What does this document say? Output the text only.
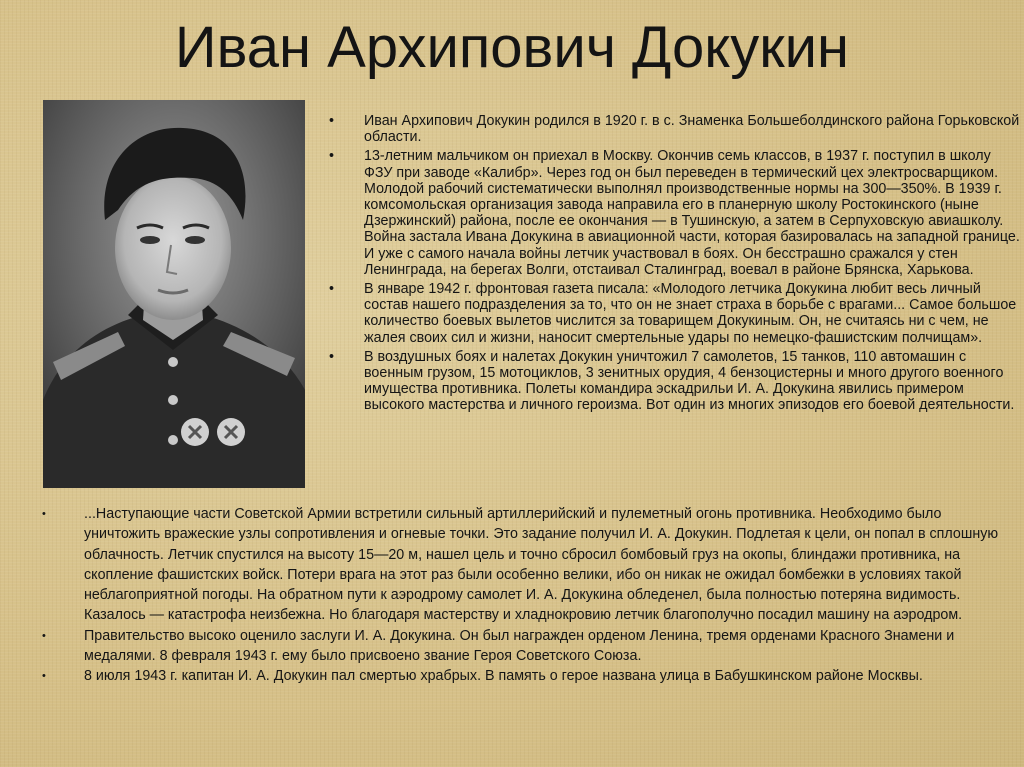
Иван Архипович Докукин
• Иван Архипович Докукин родился в 1920 г. в с. Знаменка Большеболдинского района Горьковской области.
• 13-летним мальчиком он приехал в Москву. Окончив семь классов, в 1937 г. поступил в школу ФЗУ при заводе «Калибр». Через год он был переведен в термический цех электросварщиком. Молодой рабочий систематически выполнял производственные нормы на 300—350%. В 1939 г. комсомольская организация завода направила его в планерную школу Ростокинского (ныне Дзержинский) района, после ее окончания — в Тушинскую, а затем в Серпуховскую авиашколу. Война застала Ивана Докукина в авиационной части, которая базировалась на западной границе. И уже с самого начала войны летчик участвовал в боях. Он бесстрашно сражался у стен Ленинграда, на берегах Волги, отстаивал Сталинград, воевал в районе Брянска, Харькова.
• В январе 1942 г. фронтовая газета писала: «Молодого летчика Докукина любит весь личный состав нашего подразделения за то, что он не знает страха в борьбе с врагами... Самое большое количество боевых вылетов числится за товарищем Докукиным. Он, не считаясь ни с чем, не жалея своих сил и жизни, наносит смертельные удары по немецко-фашистским полчищам».
• В воздушных боях и налетах Докукин уничтожил 7 самолетов, 15 танков, 110 автомашин с военным грузом, 15 мотоциклов, 3 зенитных орудия, 4 бензоцистерны и много другого военного имущества противника. Полеты командира эскадрильи И. А. Докукина явились примером высокого мастерства и личного героизма. Вот один из многих эпизодов его боевой деятельности.
•	...Наступающие части Советской Армии встретили сильный артиллерийский и пулеметный огонь противника. Необходимо было уничтожить вражеские узлы сопротивления и огневые точки. Это задание получил И. А. Докукин. Подлетая к цели, он попал в сплошную облачность. Летчик спустился на высоту 15—20 м, нашел цель и точно сбросил бомбовый груз на окопы, блиндажи противника, на скопление фашистских войск. Потери врага на этот раз были особенно велики, ибо он никак не ожидал бомбежки в условиях такой неблагоприятной погоды. На обратном пути к аэродрому самолет И. А. Докукина обледенел, была полностью потеряна видимость. Казалось — катастрофа неизбежна. Но благодаря мастерству и хладнокровию летчик благополучно посадил машину на аэродром.
•	Правительство высоко оценило заслуги И. А. Докукина. Он был награжден орденом Ленина, тремя орденами Красного Знамени и медалями. 8 февраля 1943 г. ему было присвоено звание Героя Советского Союза.
•	8 июля 1943 г. капитан И. А. Докукин пал смертью храбрых. В память о герое названа улица в Бабушкинском районе Москвы.
